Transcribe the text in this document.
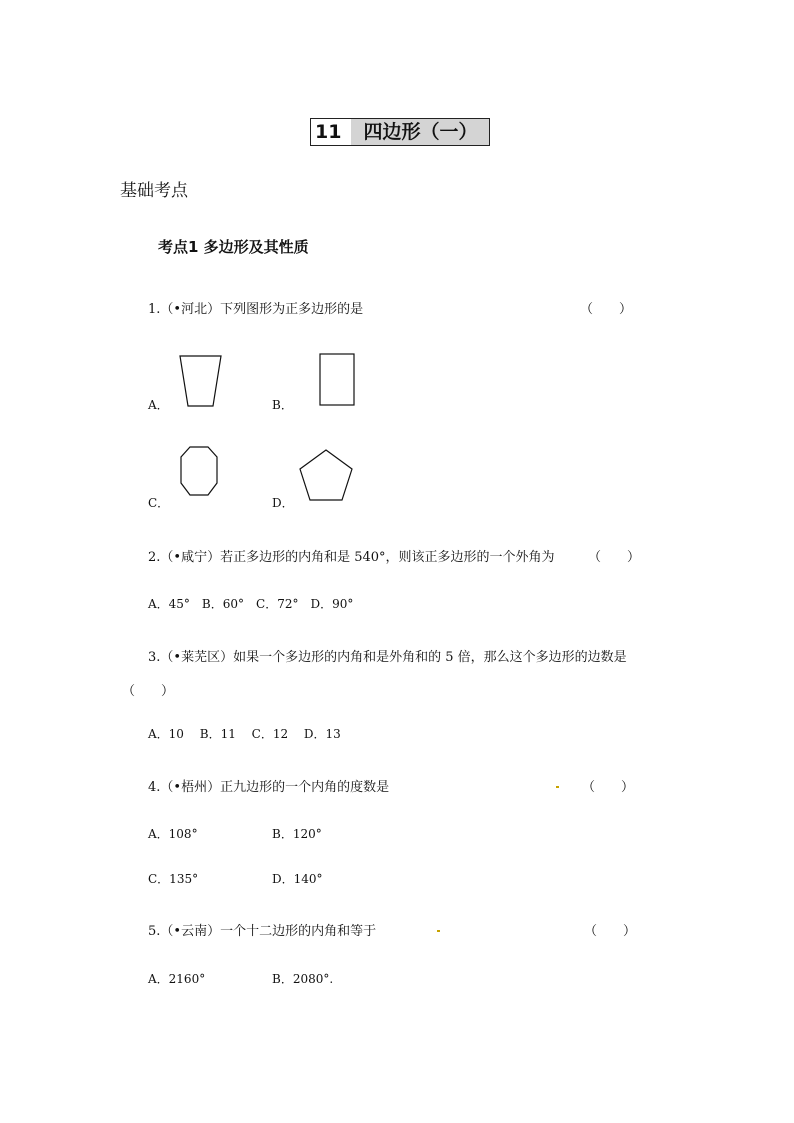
11	四边形（一）
基础考点
考点1 多边形及其性质
1.（•河北）下列图形为正多边形的是	（　　）
A．	B．
C．	D．
2.（•咸宁）若正多边形的内角和是 540°，则该正多边形的一个外角为	（　　）
A．45°　B．60°　C．72°　D．90°
3.（•莱芜区）如果一个多边形的内角和是外角和的 5 倍，那么这个多边形的边数是
（　　）
A．10　 B．11　 C．12　 D．13
4.（•梧州）正九边形的一个内角的度数是	（　　）
A．108°	B．120°
C．135°	D．140°
5.（•云南）一个十二边形的内角和等于	（　　）
A．2160°	B．2080°.
